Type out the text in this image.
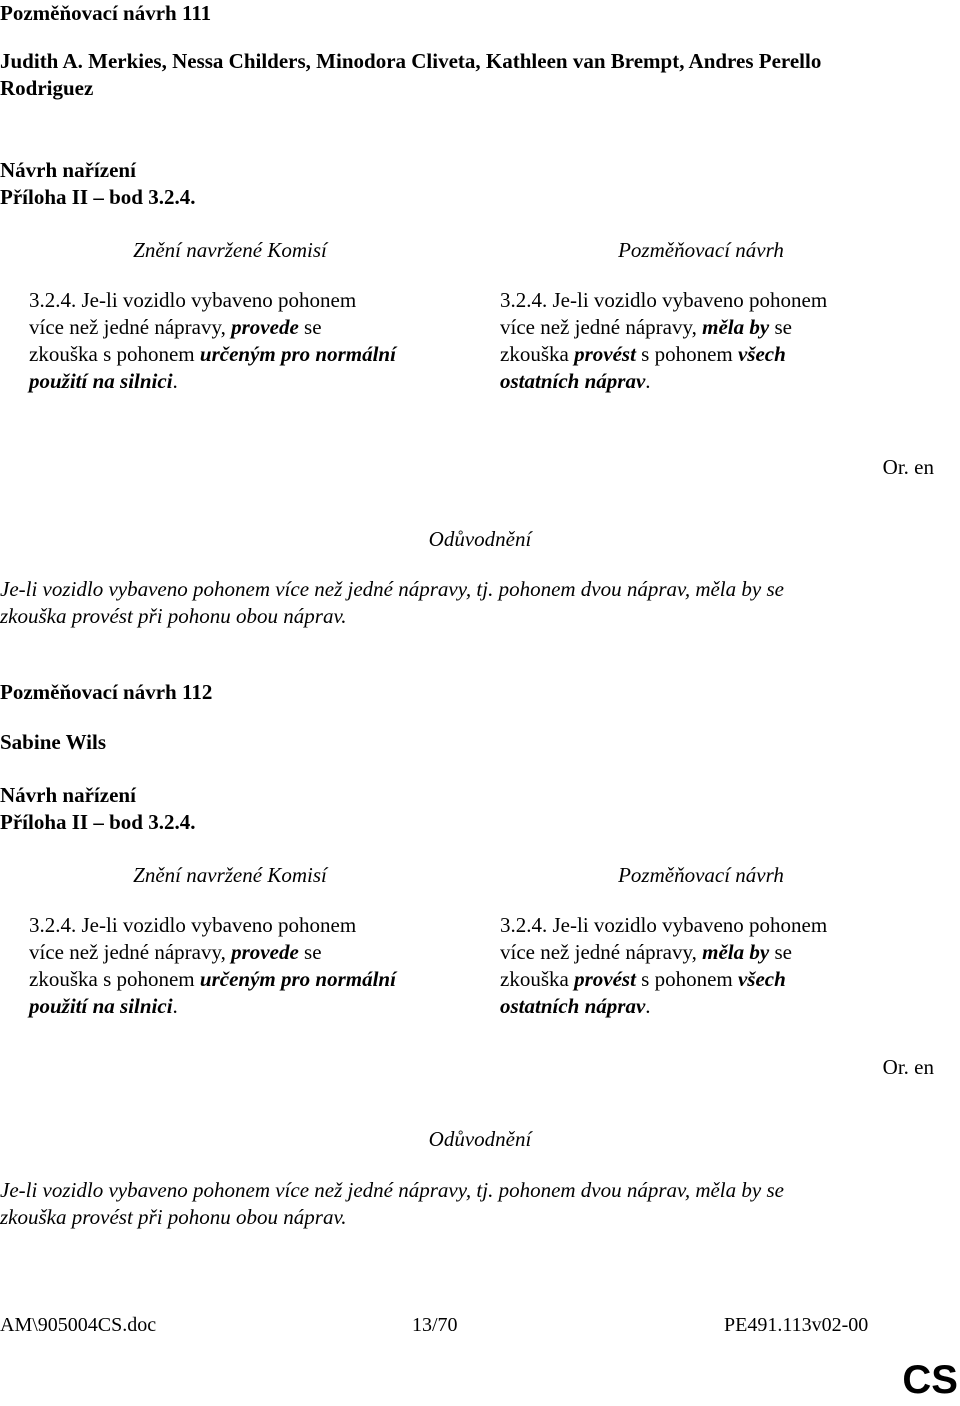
Pozměňovací návrh 111
Judith A. Merkies, Nessa Childers, Minodora Cliveta, Kathleen van Brempt, Andres Perello
Rodriguez
Návrh nařízení
Příloha II – bod 3.2.4.
Znění navržené Komisí	Pozměňovací návrh
3.2.4. Je-li vozidlo vybaveno pohonem
více než jedné nápravy, provede se
zkouška s pohonem určeným pro normální
použití na silnici.
3.2.4. Je-li vozidlo vybaveno pohonem
více než jedné nápravy, měla by se
zkouška provést s pohonem všech
ostatních náprav.
Or. en
Odůvodnění
Je-li vozidlo vybaveno pohonem více než jedné nápravy, tj. pohonem dvou náprav, měla by se
zkouška provést při pohonu obou náprav.
Pozměňovací návrh 112
Sabine Wils
Návrh nařízení
Příloha II – bod 3.2.4.
Znění navržené Komisí	Pozměňovací návrh
3.2.4. Je-li vozidlo vybaveno pohonem
více než jedné nápravy, provede se
zkouška s pohonem určeným pro normální
použití na silnici.
3.2.4. Je-li vozidlo vybaveno pohonem
více než jedné nápravy, měla by se
zkouška provést s pohonem všech
ostatních náprav.
Or. en
Odůvodnění
Je-li vozidlo vybaveno pohonem více než jedné nápravy, tj. pohonem dvou náprav, měla by se
zkouška provést při pohonu obou náprav.
AM\905004CS.doc	13/70	PE491.113v02-00
CS
